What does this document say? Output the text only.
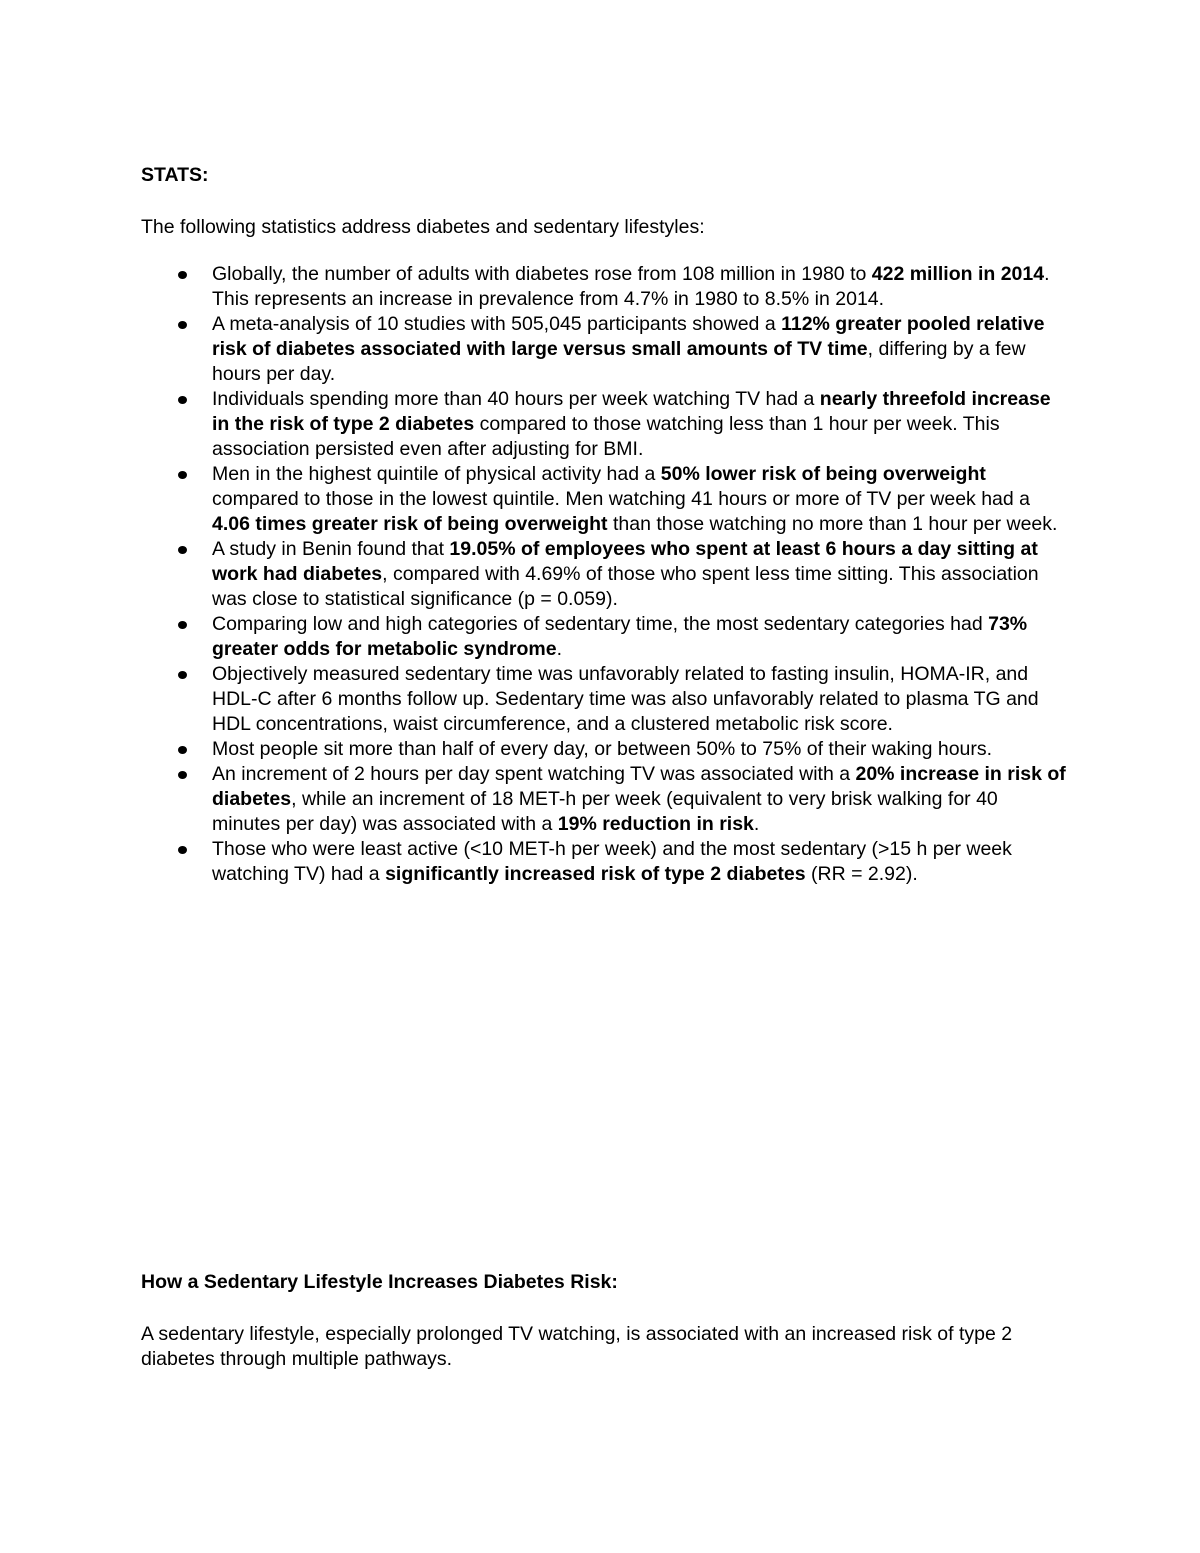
STATS:

The following statistics address diabetes and sedentary lifestyles:

Globally, the number of adults with diabetes rose from 108 million in 1980 to 422 million in 2014. This represents an increase in prevalence from 4.7% in 1980 to 8.5% in 2014.
A meta-analysis of 10 studies with 505,045 participants showed a 112% greater pooled relative risk of diabetes associated with large versus small amounts of TV time, differing by a few hours per day.
Individuals spending more than 40 hours per week watching TV had a nearly threefold increase in the risk of type 2 diabetes compared to those watching less than 1 hour per week. This association persisted even after adjusting for BMI.
Men in the highest quintile of physical activity had a 50% lower risk of being overweight compared to those in the lowest quintile. Men watching 41 hours or more of TV per week had a 4.06 times greater risk of being overweight than those watching no more than 1 hour per week.
A study in Benin found that 19.05% of employees who spent at least 6 hours a day sitting at work had diabetes, compared with 4.69% of those who spent less time sitting. This association was close to statistical significance (p = 0.059).
Comparing low and high categories of sedentary time, the most sedentary categories had 73% greater odds for metabolic syndrome.
Objectively measured sedentary time was unfavorably related to fasting insulin, HOMA-IR, and HDL-C after 6 months follow up. Sedentary time was also unfavorably related to plasma TG and HDL concentrations, waist circumference, and a clustered metabolic risk score.
Most people sit more than half of every day, or between 50% to 75% of their waking hours.
An increment of 2 hours per day spent watching TV was associated with a 20% increase in risk of diabetes, while an increment of 18 MET-h per week (equivalent to very brisk walking for 40 minutes per day) was associated with a 19% reduction in risk.
Those who were least active (<10 MET-h per week) and the most sedentary (>15 h per week watching TV) had a significantly increased risk of type 2 diabetes (RR = 2.92).

How a Sedentary Lifestyle Increases Diabetes Risk:

A sedentary lifestyle, especially prolonged TV watching, is associated with an increased risk of type 2 diabetes through multiple pathways.
